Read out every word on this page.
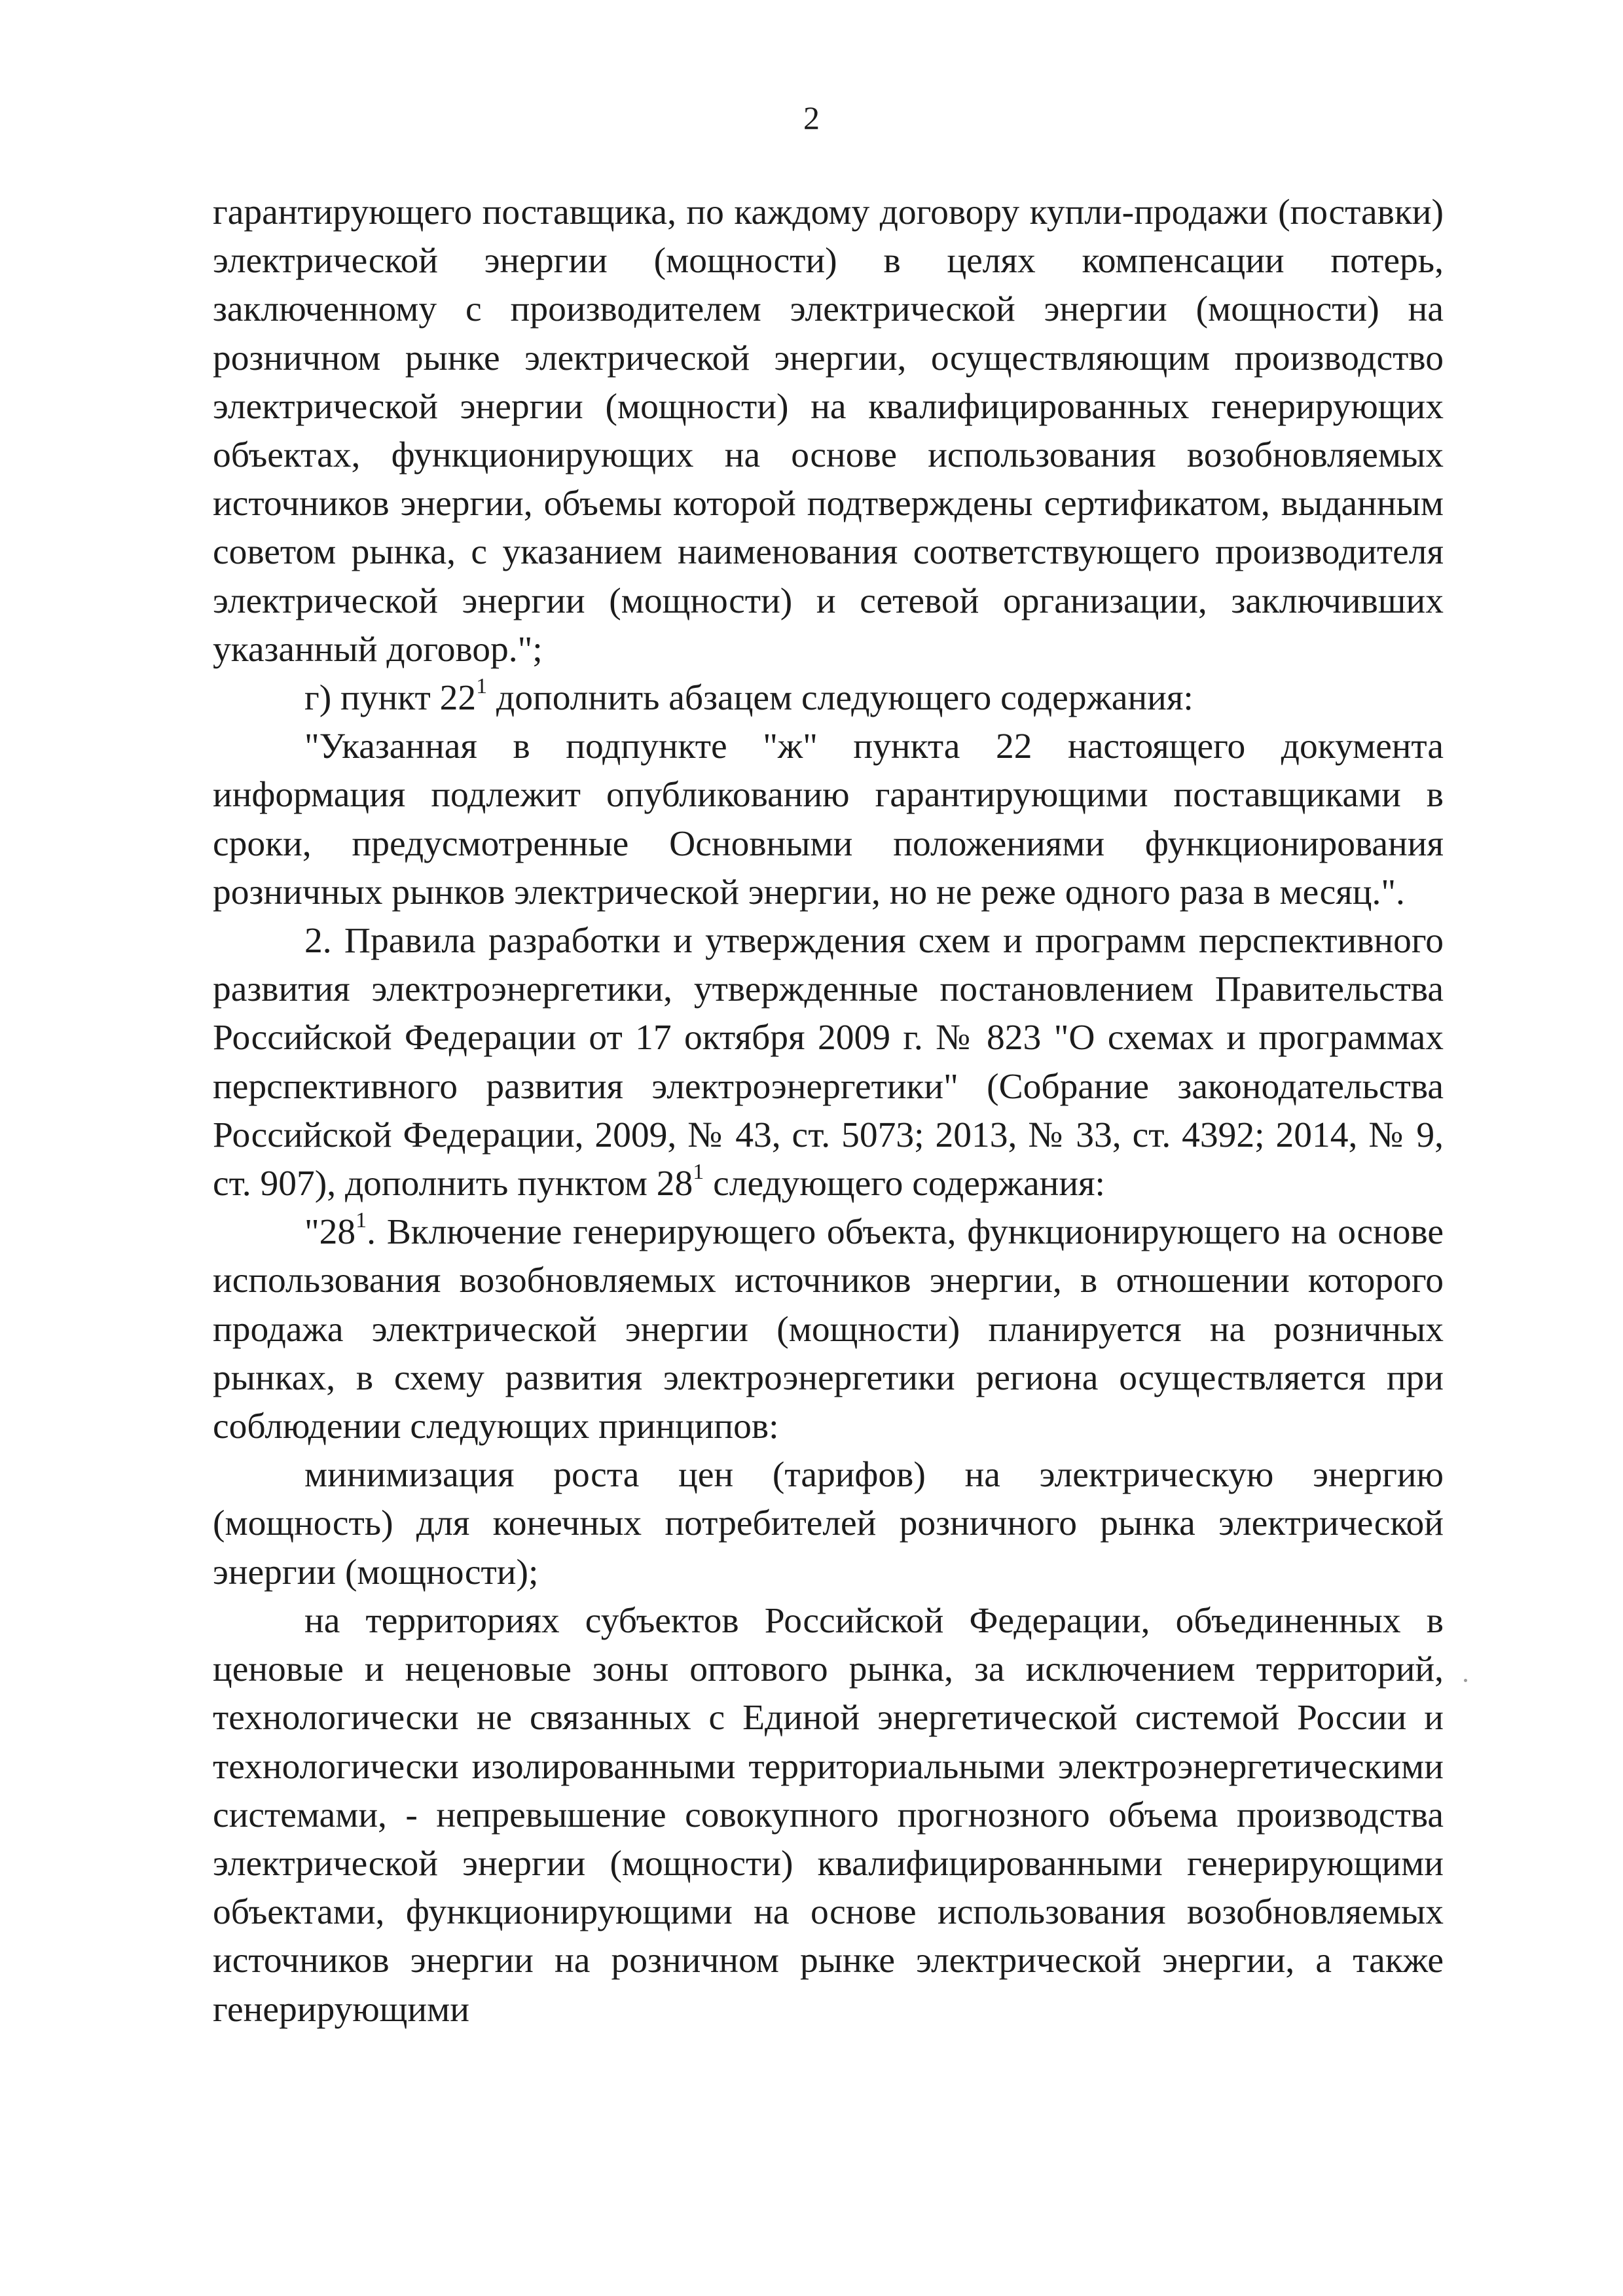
2

гарантирующего поставщика, по каждому договору купли-продажи (поставки) электрической энергии (мощности) в целях компенсации потерь, заключенному с производителем электрической энергии (мощности) на розничном рынке электрической энергии, осуществляющим производство электрической энергии (мощности) на квалифицированных генерирующих объектах, функционирующих на основе использования возобновляемых источников энергии, объемы которой подтверждены сертификатом, выданным советом рынка, с указанием наименования соответствующего производителя электрической энергии (мощности) и сетевой организации, заключивших указанный договор.";

г) пункт $22^1$ дополнить абзацем следующего содержания:

"Указанная в подпункте "ж" пункта 22 настоящего документа информация подлежит опубликованию гарантирующими поставщиками в сроки, предусмотренные Основными положениями функционирования розничных рынков электрической энергии, но не реже одного раза в месяц.".

2. Правила разработки и утверждения схем и программ перспективного развития электроэнергетики, утвержденные постановлением Правительства Российской Федерации от 17 октября 2009 г. № 823 "О схемах и программах перспективного развития электроэнергетики" (Собрание законодательства Российской Федерации, 2009, № 43, ст. 5073; 2013, № 33, ст. 4392; 2014, № 9, ст. 907), дополнить пунктом $28^1$ следующего содержания:

"$28^1$. Включение генерирующего объекта, функционирующего на основе использования возобновляемых источников энергии, в отношении которого продажа электрической энергии (мощности) планируется на розничных рынках, в схему развития электроэнергетики региона осуществляется при соблюдении следующих принципов:

минимизация роста цен (тарифов) на электрическую энергию (мощность) для конечных потребителей розничного рынка электрической энергии (мощности);

на территориях субъектов Российской Федерации, объединенных в ценовые и неценовые зоны оптового рынка, за исключением территорий, технологически не связанных с Единой энергетической системой России и технологически изолированными территориальными электроэнергетическими системами, - непревышение совокупного прогнозного объема производства электрической энергии (мощности) квалифицированными генерирующими объектами, функционирующими на основе использования возобновляемых источников энергии на розничном рынке электрической энергии, а также генерирующими
